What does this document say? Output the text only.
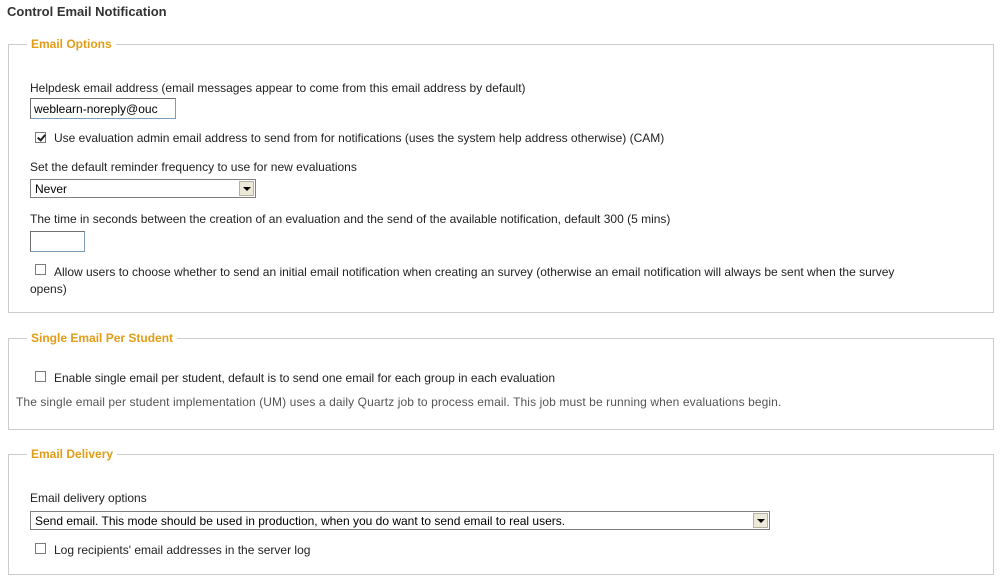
Control Email Notification
Email Options
Helpdesk email address (email messages appear to come from this email address by default)
weblearn-noreply@ouc
Use evaluation admin email address to send from for notifications (uses the system help address otherwise) (CAM)
Set the default reminder frequency to use for new evaluations
Never
The time in seconds between the creation of an evaluation and the send of the available notification, default 300 (5 mins)
Allow users to choose whether to send an initial email notification when creating an survey (otherwise an email notification will always be sent when the survey
opens)
Single Email Per Student
Enable single email per student, default is to send one email for each group in each evaluation
The single email per student implementation (UM) uses a daily Quartz job to process email. This job must be running when evaluations begin.
Email Delivery
Email delivery options
Send email. This mode should be used in production, when you do want to send email to real users.
Log recipients' email addresses in the server log
